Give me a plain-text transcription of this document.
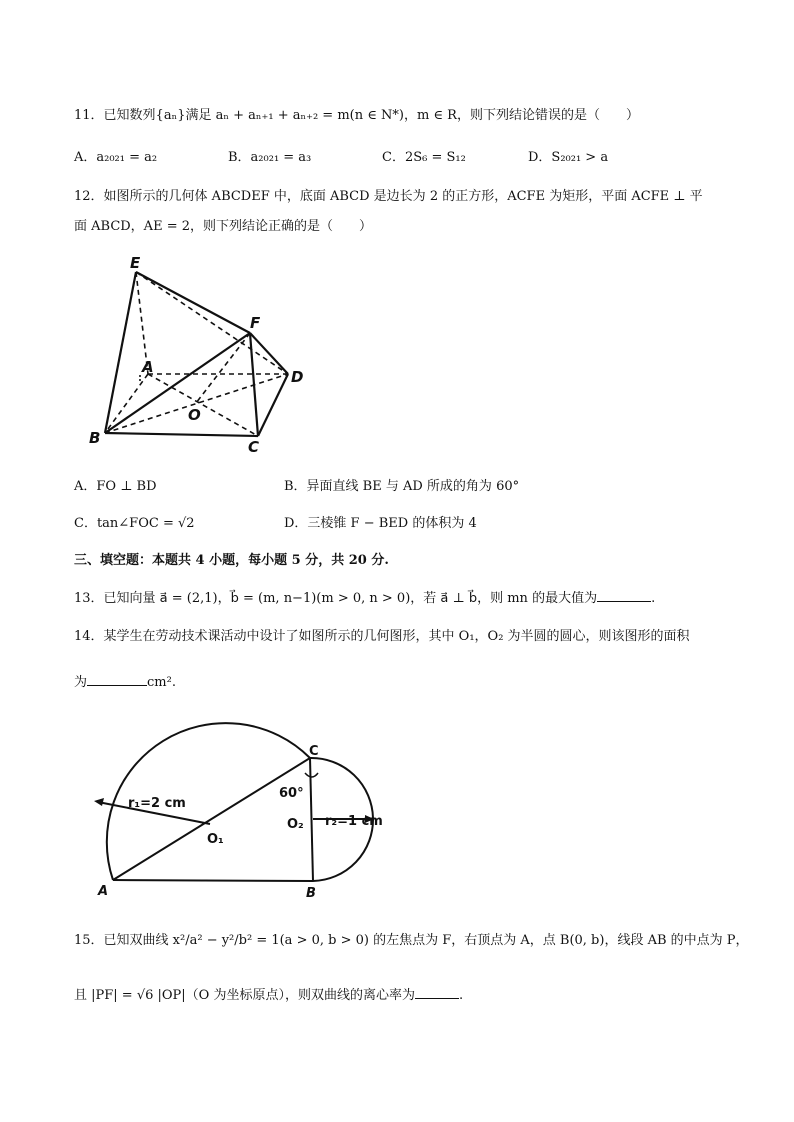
11．已知数列{aₙ}满足 aₙ + aₙ₊₁ + aₙ₊₂ = m(n ∈ N*)，m ∈ R，则下列结论错误的是（　　）
A．a₂₀₂₁ = a₂	B．a₂₀₂₁ = a₃	C．2S₆ = S₁₂	D．S₂₀₂₁ > a
12．如图所示的几何体 ABCDEF 中，底面 ABCD 是边长为 2 的正方形，ACFE 为矩形，平面 ACFE ⊥ 平
面 ABCD，AE = 2，则下列结论正确的是（　　）
E
F
A
D
O
B	C
A．FO ⊥ BD	B．异面直线 BE 与 AD 所成的角为 60°
C．tan∠FOC = √2	D．三棱锥 F − BED 的体积为 4
三、填空题：本题共 4 小题，每小题 5 分，共 20 分.
13．已知向量 a⃗ = (2,1)，b⃗ = (m, n−1)(m > 0, n > 0)，若 a⃗ ⊥ b⃗，则 mn 的最大值为	.
14．某学生在劳动技术课活动中设计了如图所示的几何图形，其中 O₁，O₂ 为半圆的圆心，则该图形的面积
为	cm².
r₁=2 cm
r₂=1 cm
60°
C
O₁
O₂
A	B
15．已知双曲线 x²/a² − y²/b² = 1(a > 0, b > 0) 的左焦点为 F，右顶点为 A，点 B(0, b)，线段 AB 的中点为 P，
且 |PF| = √6 |OP|（O 为坐标原点），则双曲线的离心率为	.
